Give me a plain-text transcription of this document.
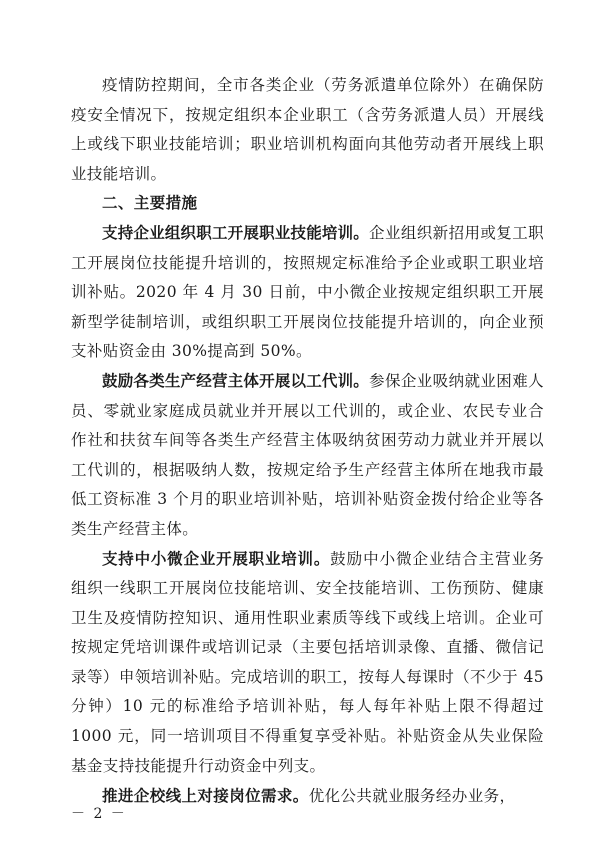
疫情防控期间，全市各类企业（劳务派遣单位除外）在确保防疫安全情况下，按规定组织本企业职工（含劳务派遣人员）开展线上或线下职业技能培训；职业培训机构面向其他劳动者开展线上职业技能培训。

二、主要措施

支持企业组织职工开展职业技能培训。企业组织新招用或复工职工开展岗位技能提升培训的，按照规定标准给予企业或职工职业培训补贴。2020 年 4 月 30 日前，中小微企业按规定组织职工开展新型学徒制培训，或组织职工开展岗位技能提升培训的，向企业预支补贴资金由 30%提高到 50%。

鼓励各类生产经营主体开展以工代训。参保企业吸纳就业困难人员、零就业家庭成员就业并开展以工代训的，或企业、农民专业合作社和扶贫车间等各类生产经营主体吸纳贫困劳动力就业并开展以工代训的，根据吸纳人数，按规定给予生产经营主体所在地我市最低工资标准 3 个月的职业培训补贴，培训补贴资金拨付给企业等各类生产经营主体。

支持中小微企业开展职业培训。鼓励中小微企业结合主营业务组织一线职工开展岗位技能培训、安全技能培训、工伤预防、健康卫生及疫情防控知识、通用性职业素质等线下或线上培训。企业可按规定凭培训课件或培训记录（主要包括培训录像、直播、微信记录等）申领培训补贴。完成培训的职工，按每人每课时（不少于 45 分钟）10 元的标准给予培训补贴，每人每年补贴上限不得超过 1000 元，同一培训项目不得重复享受补贴。补贴资金从失业保险基金支持技能提升行动资金中列支。

推进企校线上对接岗位需求。优化公共就业服务经办业务，

－ 2 －
